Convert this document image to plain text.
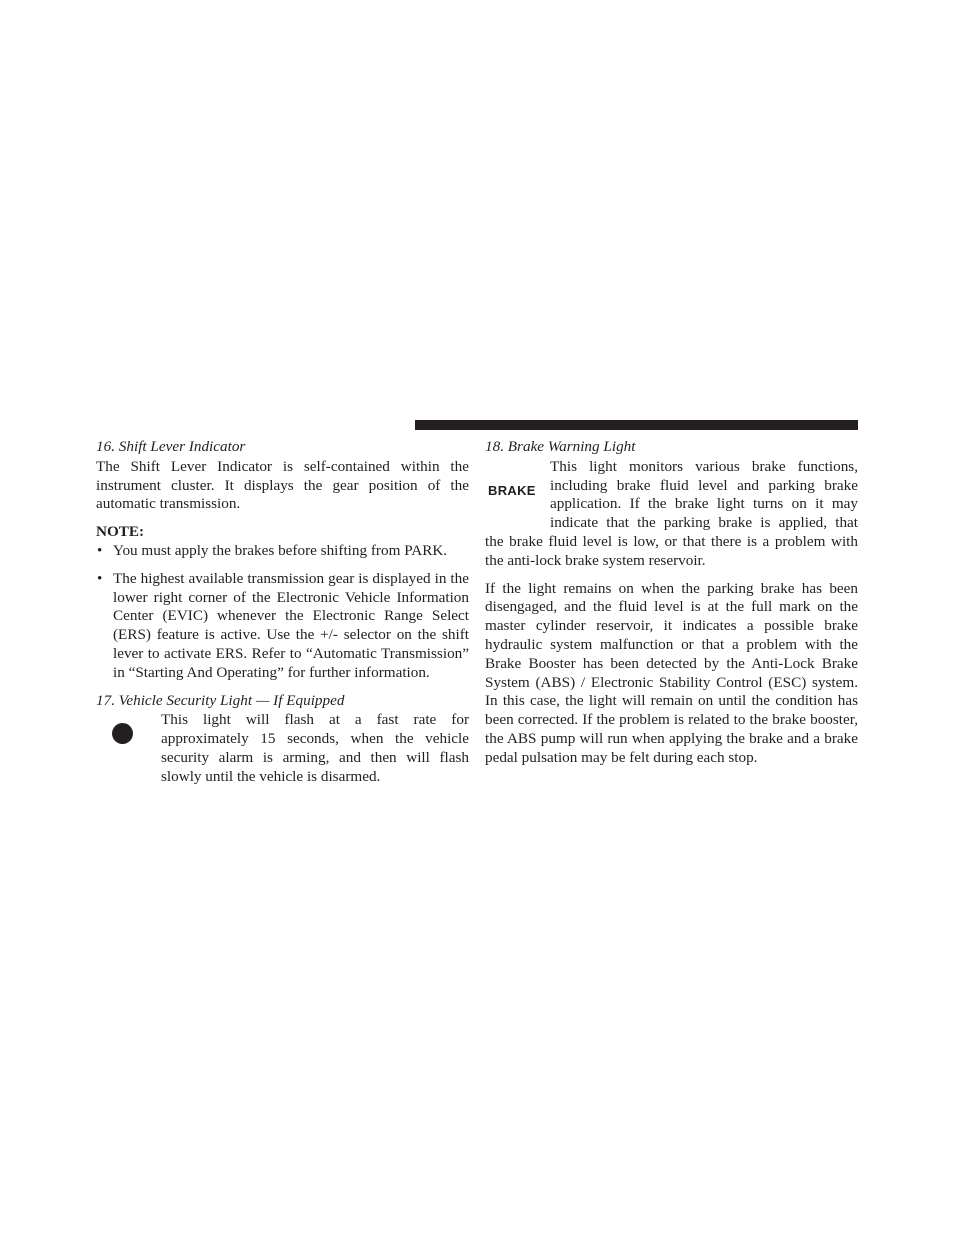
16. Shift Lever Indicator

The Shift Lever Indicator is self-contained within the instrument cluster. It displays the gear position of the automatic transmission.

NOTE:
• You must apply the brakes before shifting from PARK.
• The highest available transmission gear is displayed in the lower right corner of the Electronic Vehicle Information Center (EVIC) whenever the Electronic Range Select (ERS) feature is active. Use the +/- selector on the shift lever to activate ERS. Refer to “Automatic Transmission” in “Starting And Operating” for further information.
17. Vehicle Security Light — If Equipped

This light will flash at a fast rate for approximately 15 seconds, when the vehicle security alarm is arming, and then will flash slowly until the vehicle is disarmed.

18. Brake Warning Light
BRAKE

This light monitors various brake functions,

including brake fluid level and parking brake

application. If the brake light turns on it may

indicate that the parking brake is applied, that

the brake fluid level is low, or that there is a problem with the anti-lock brake system reservoir.

If the light remains on when the parking brake has been disengaged, and the fluid level is at the full mark on the master cylinder reservoir, it indicates a possible brake hydraulic system malfunction or that a problem with the Brake Booster has been detected by the Anti-Lock Brake System (ABS) / Electronic Stability Control (ESC) system. In this case, the light will remain on until the condition has been corrected. If the problem is related to the brake booster, the ABS pump will run when applying the brake and a brake pedal pulsation may be felt during each stop.
